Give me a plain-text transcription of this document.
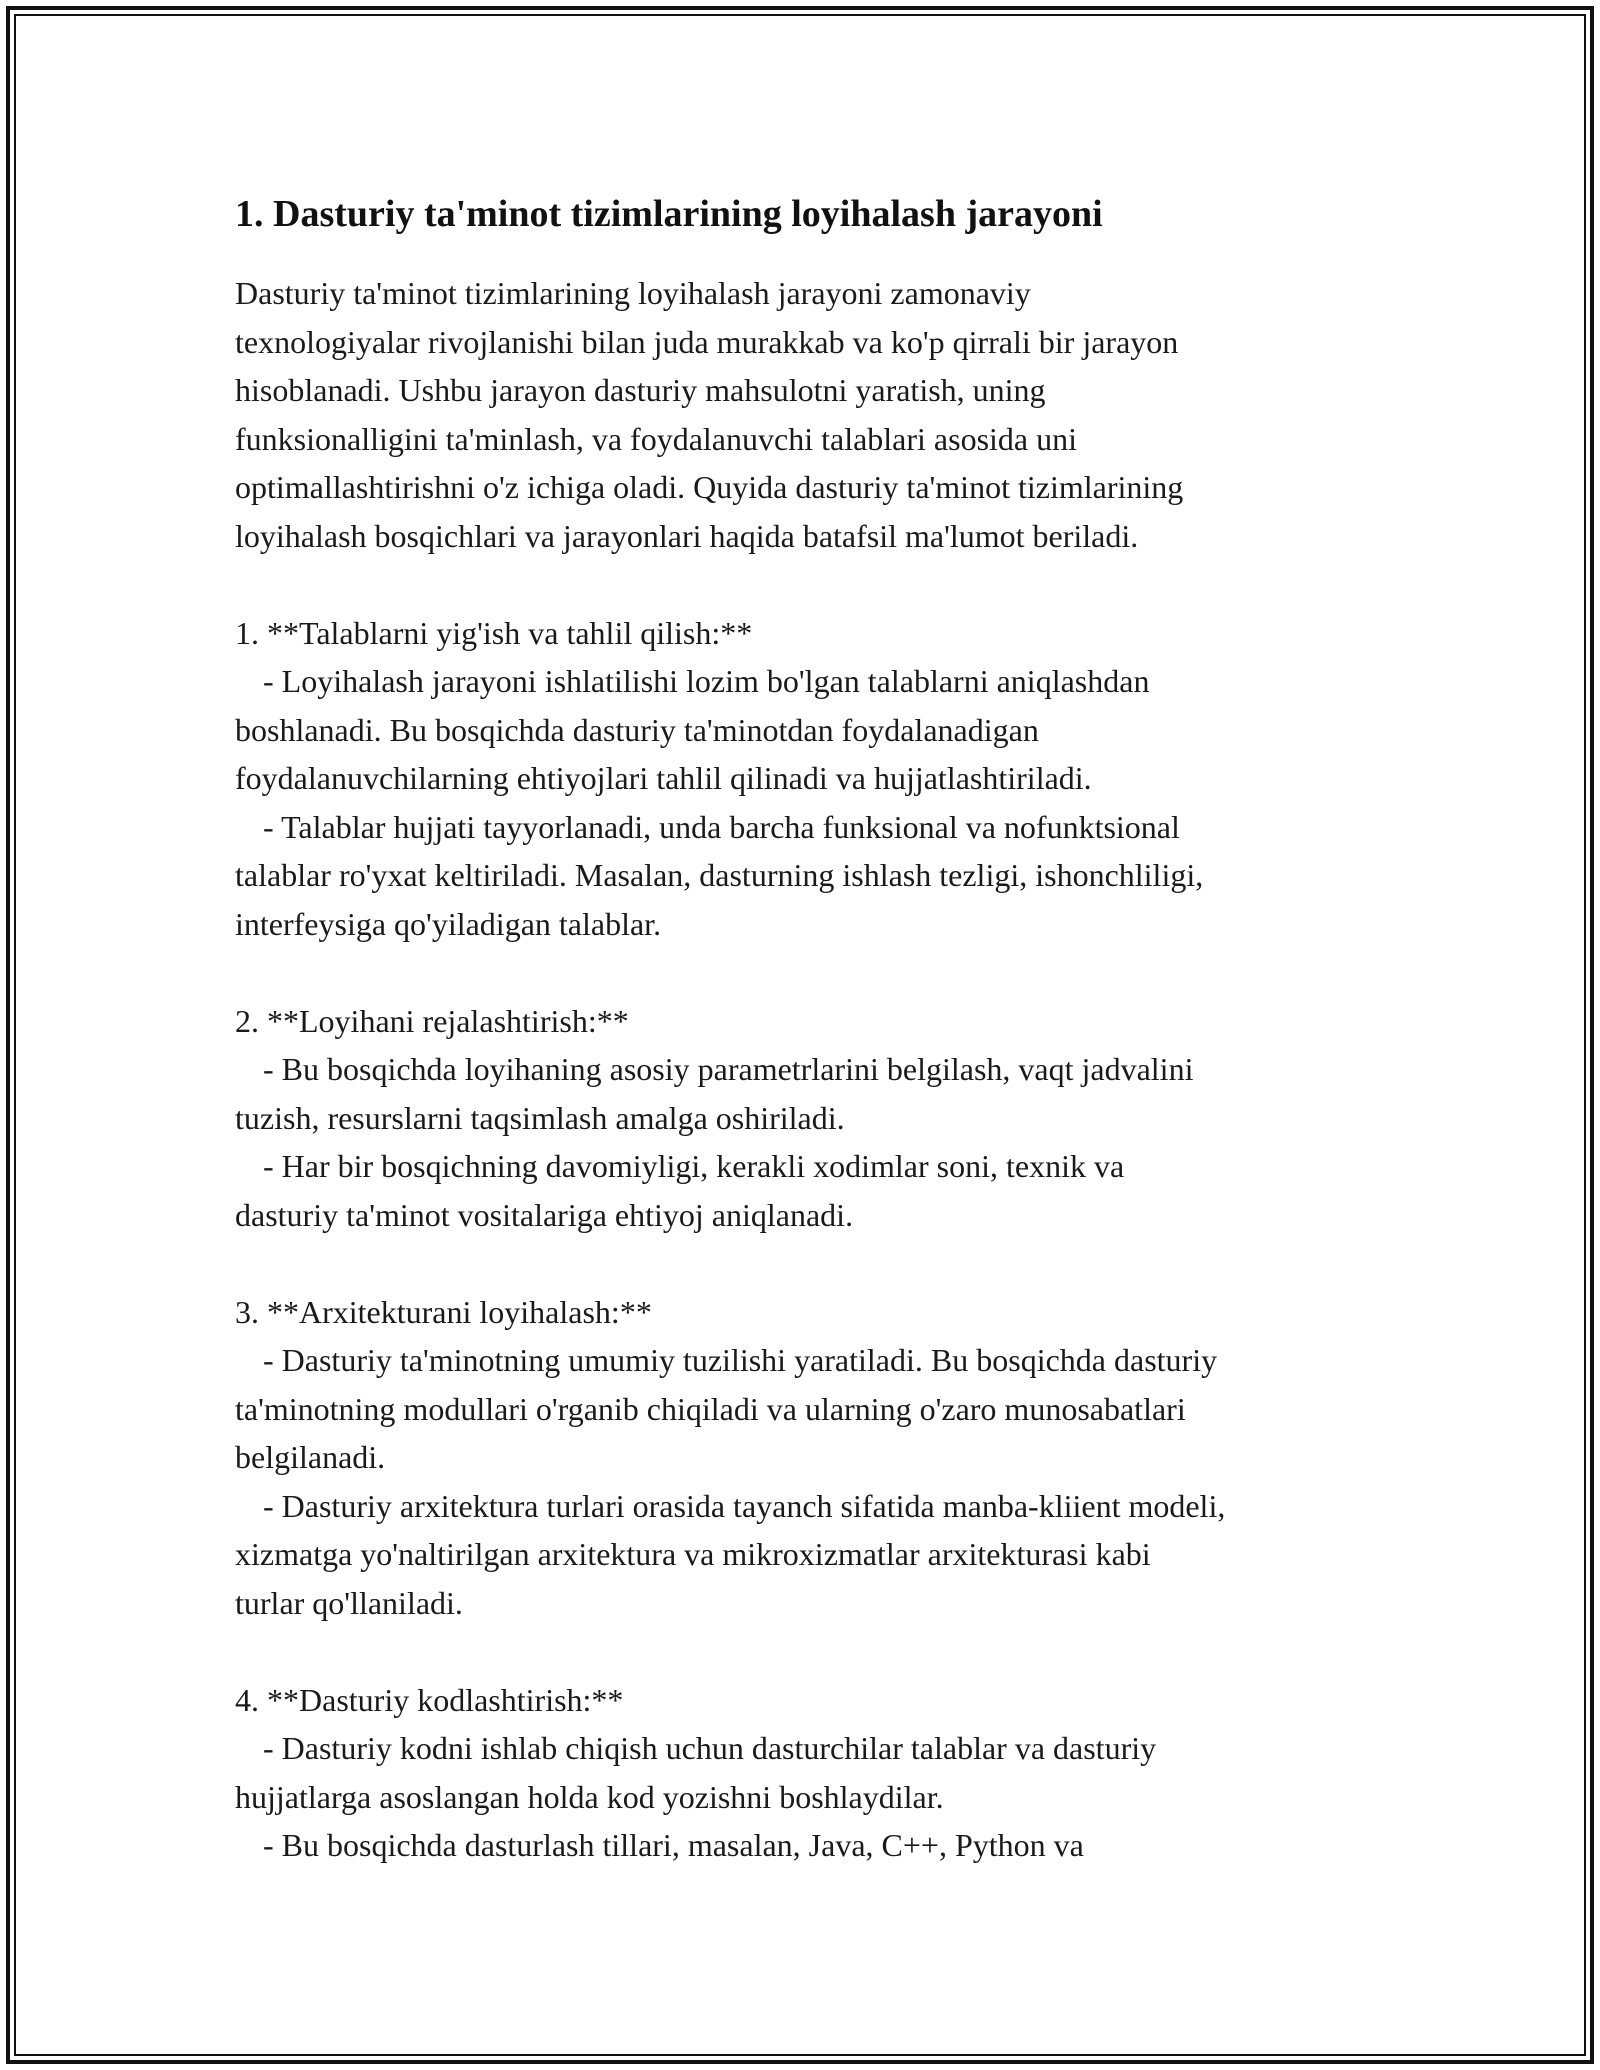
1. Dasturiy ta'minot tizimlarining loyihalash jarayoni

Dasturiy ta'minot tizimlarining loyihalash jarayoni zamonaviy

texnologiyalar rivojlanishi bilan juda murakkab va ko'p qirrali bir jarayon

hisoblanadi. Ushbu jarayon dasturiy mahsulotni yaratish, uning

funksionalligini ta'minlash, va foydalanuvchi talablari asosida uni

optimallashtirishni o'z ichiga oladi. Quyida dasturiy ta'minot tizimlarining

loyihalash bosqichlari va jarayonlari haqida batafsil ma'lumot beriladi.

1. **Talablarni yig'ish va tahlil qilish:**

- Loyihalash jarayoni ishlatilishi lozim bo'lgan talablarni aniqlashdan

boshlanadi. Bu bosqichda dasturiy ta'minotdan foydalanadigan

foydalanuvchilarning ehtiyojlari tahlil qilinadi va hujjatlashtiriladi.

- Talablar hujjati tayyorlanadi, unda barcha funksional va nofunktsional

talablar ro'yxat keltiriladi. Masalan, dasturning ishlash tezligi, ishonchliligi,

interfeysiga qo'yiladigan talablar.

2. **Loyihani rejalashtirish:**

- Bu bosqichda loyihaning asosiy parametrlarini belgilash, vaqt jadvalini

tuzish, resurslarni taqsimlash amalga oshiriladi.

- Har bir bosqichning davomiyligi, kerakli xodimlar soni, texnik va

dasturiy ta'minot vositalariga ehtiyoj aniqlanadi.

3. **Arxitekturani loyihalash:**

- Dasturiy ta'minotning umumiy tuzilishi yaratiladi. Bu bosqichda dasturiy

ta'minotning modullari o'rganib chiqiladi va ularning o'zaro munosabatlari

belgilanadi.

- Dasturiy arxitektura turlari orasida tayanch sifatida manba-kliient modeli,

xizmatga yo'naltirilgan arxitektura va mikroxizmatlar arxitekturasi kabi

turlar qo'llaniladi.

4. **Dasturiy kodlashtirish:**

- Dasturiy kodni ishlab chiqish uchun dasturchilar talablar va dasturiy

hujjatlarga asoslangan holda kod yozishni boshlaydilar.

- Bu bosqichda dasturlash tillari, masalan, Java, C++, Python va
